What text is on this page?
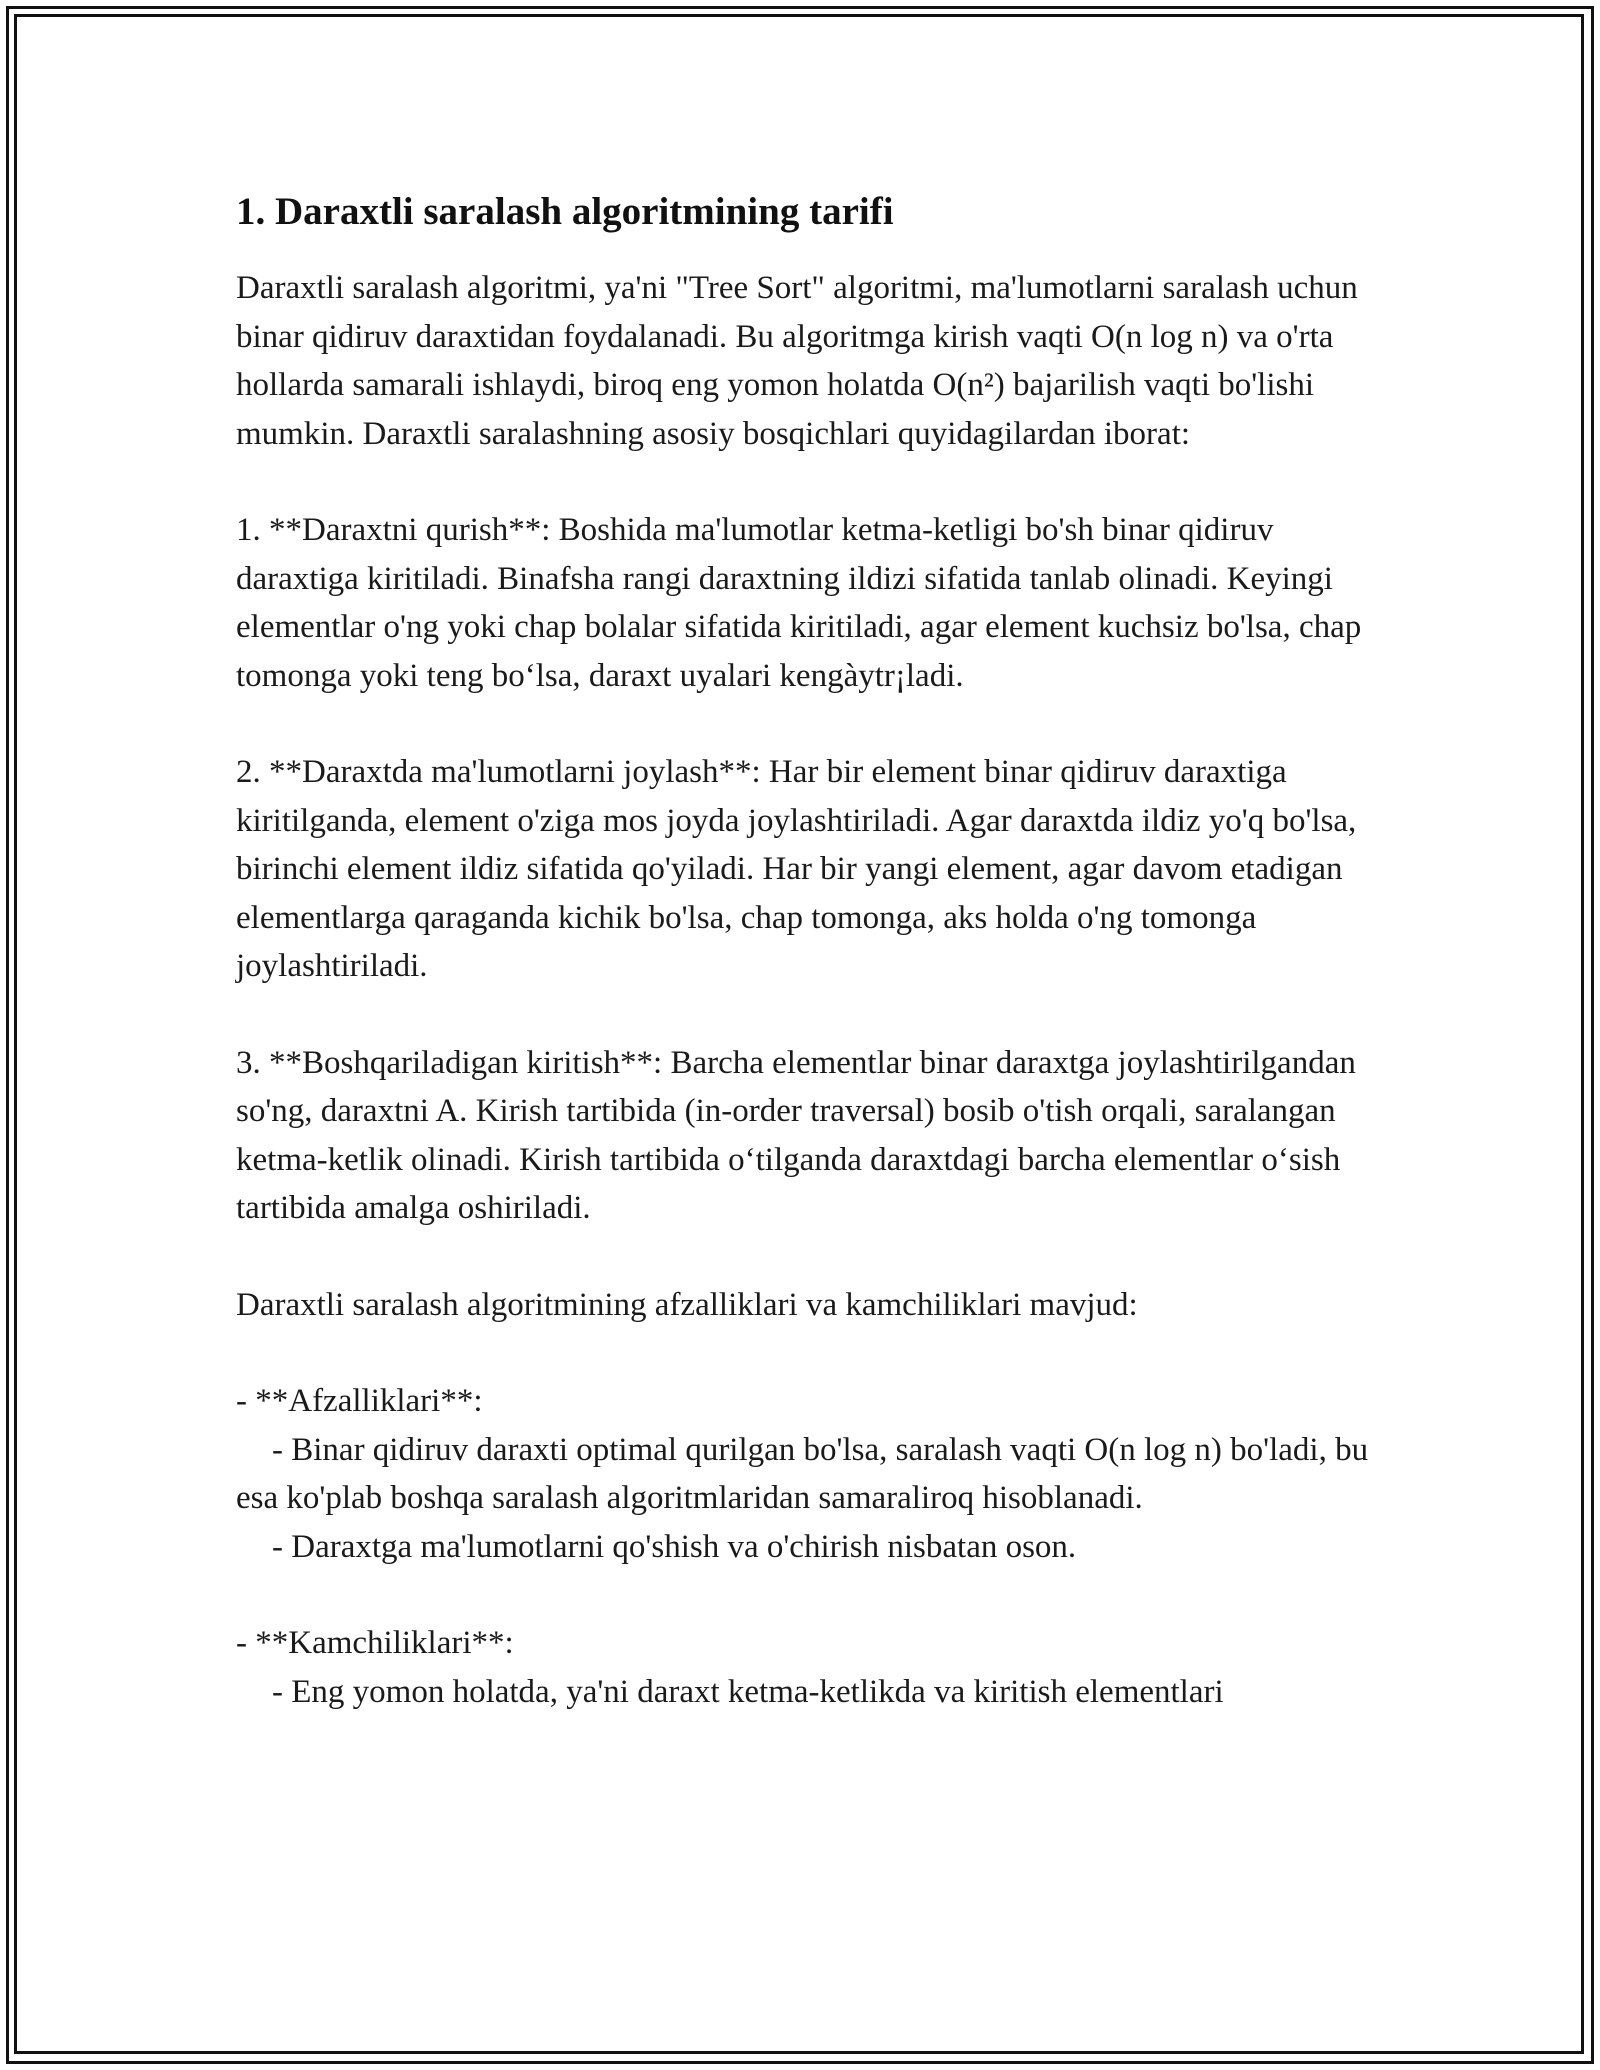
1. Daraxtli saralash algoritmining tarifi

Daraxtli saralash algoritmi, ya'ni "Tree Sort" algoritmi, ma'lumotlarni saralash uchun binar qidiruv daraxtidan foydalanadi. Bu algoritmga kirish vaqti O(n log n) va o'rta hollarda samarali ishlaydi, biroq eng yomon holatda O(n²) bajarilish vaqti bo'lishi mumkin. Daraxtli saralashning asosiy bosqichlari quyidagilardan iborat:

1. **Daraxtni qurish**: Boshida ma'lumotlar ketma-ketligi bo'sh binar qidiruv daraxtiga kiritiladi. Binafsha rangi daraxtning ildizi sifatida tanlab olinadi. Keyingi elementlar o'ng yoki chap bolalar sifatida kiritiladi, agar element kuchsiz bo'lsa, chap tomonga yoki teng bo‘lsa, daraxt uyalari kengàytr¡ladi.

2. **Daraxtda ma'lumotlarni joylash**: Har bir element binar qidiruv daraxtiga kiritilganda, element o'ziga mos joyda joylashtiriladi. Agar daraxtda ildiz yo'q bo'lsa, birinchi element ildiz sifatida qo'yiladi. Har bir yangi element, agar davom etadigan elementlarga qaraganda kichik bo'lsa, chap tomonga, aks holda o'ng tomonga joylashtiriladi.

3. **Boshqariladigan kiritish**: Barcha elementlar binar daraxtga joylashtirilgandan so'ng, daraxtni A. Kirish tartibida (in-order traversal) bosib o'tish orqali, saralangan ketma-ketlik olinadi. Kirish tartibida o‘tilganda daraxtdagi barcha elementlar o‘sish tartibida amalga oshiriladi.

Daraxtli saralash algoritmining afzalliklari va kamchiliklari mavjud:

- **Afzalliklari**:
- Binar qidiruv daraxti optimal qurilgan bo'lsa, saralash vaqti O(n log n) bo'ladi, bu esa ko'plab boshqa saralash algoritmlaridan samaraliroq hisoblanadi.
- Daraxtga ma'lumotlarni qo'shish va o'chirish nisbatan oson.
- **Kamchiliklari**:
- Eng yomon holatda, ya'ni daraxt ketma-ketlikda va kiritish elementlari
